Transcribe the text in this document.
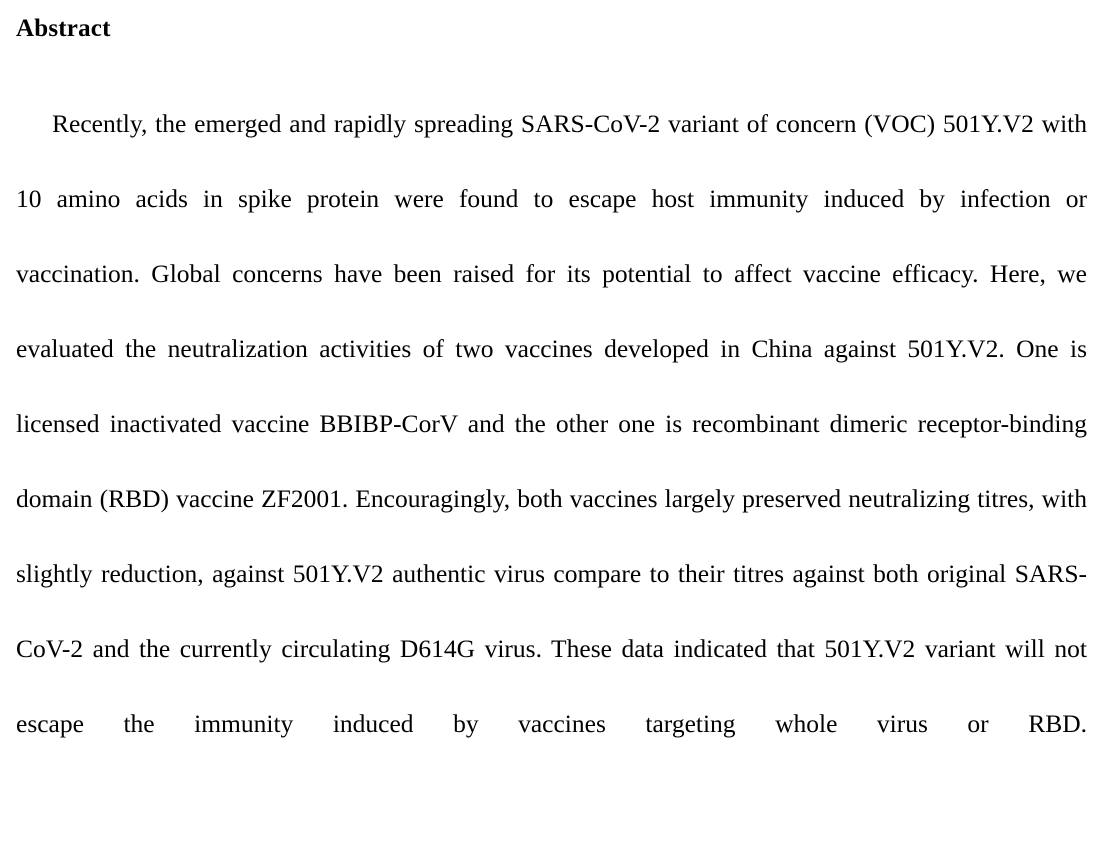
Abstract

Recently, the emerged and rapidly spreading SARS-CoV-2 variant of concern (VOC) 501Y.V2 with 10 amino acids in spike protein were found to escape host immunity induced by infection or vaccination. Global concerns have been raised for its potential to affect vaccine efficacy. Here, we evaluated the neutralization activities of two vaccines developed in China against 501Y.V2. One is licensed inactivated vaccine BBIBP-CorV and the other one is recombinant dimeric receptor-binding domain (RBD) vaccine ZF2001. Encouragingly, both vaccines largely preserved neutralizing titres, with slightly reduction, against 501Y.V2 authentic virus compare to their titres against both original SARS-CoV-2 and the currently circulating D614G virus. These data indicated that 501Y.V2 variant will not escape the immunity induced by vaccines targeting whole virus or RBD.
